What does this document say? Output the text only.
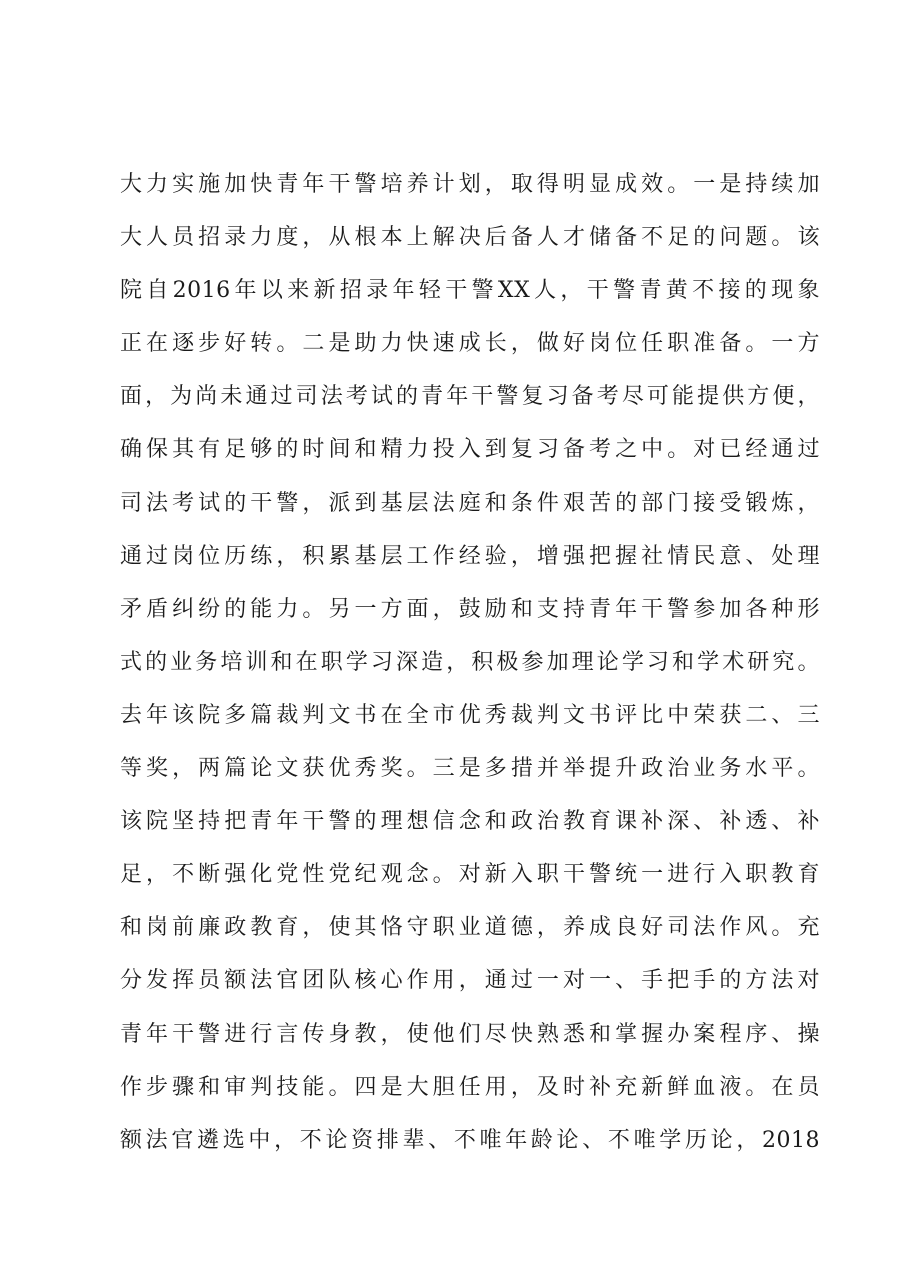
大力实施加快青年干警培养计划，取得明显成效。一是持续加
大人员招录力度，从根本上解决后备人才储备不足的问题。该
院自2016年以来新招录年轻干警XX人，干警青黄不接的现象
正在逐步好转。二是助力快速成长，做好岗位任职准备。一方
面，为尚未通过司法考试的青年干警复习备考尽可能提供方便，
确保其有足够的时间和精力投入到复习备考之中。对已经通过
司法考试的干警，派到基层法庭和条件艰苦的部门接受锻炼，
通过岗位历练，积累基层工作经验，增强把握社情民意、处理
矛盾纠纷的能力。另一方面，鼓励和支持青年干警参加各种形
式的业务培训和在职学习深造，积极参加理论学习和学术研究。
去年该院多篇裁判文书在全市优秀裁判文书评比中荣获二、三
等奖，两篇论文获优秀奖。三是多措并举提升政治业务水平。
该院坚持把青年干警的理想信念和政治教育课补深、补透、补
足，不断强化党性党纪观念。对新入职干警统一进行入职教育
和岗前廉政教育，使其恪守职业道德，养成良好司法作风。充
分发挥员额法官团队核心作用，通过一对一、手把手的方法对
青年干警进行言传身教，使他们尽快熟悉和掌握办案程序、操
作步骤和审判技能。四是大胆任用，及时补充新鲜血液。在员
额法官遴选中，不论资排辈、不唯年龄论、不唯学历论，2018
